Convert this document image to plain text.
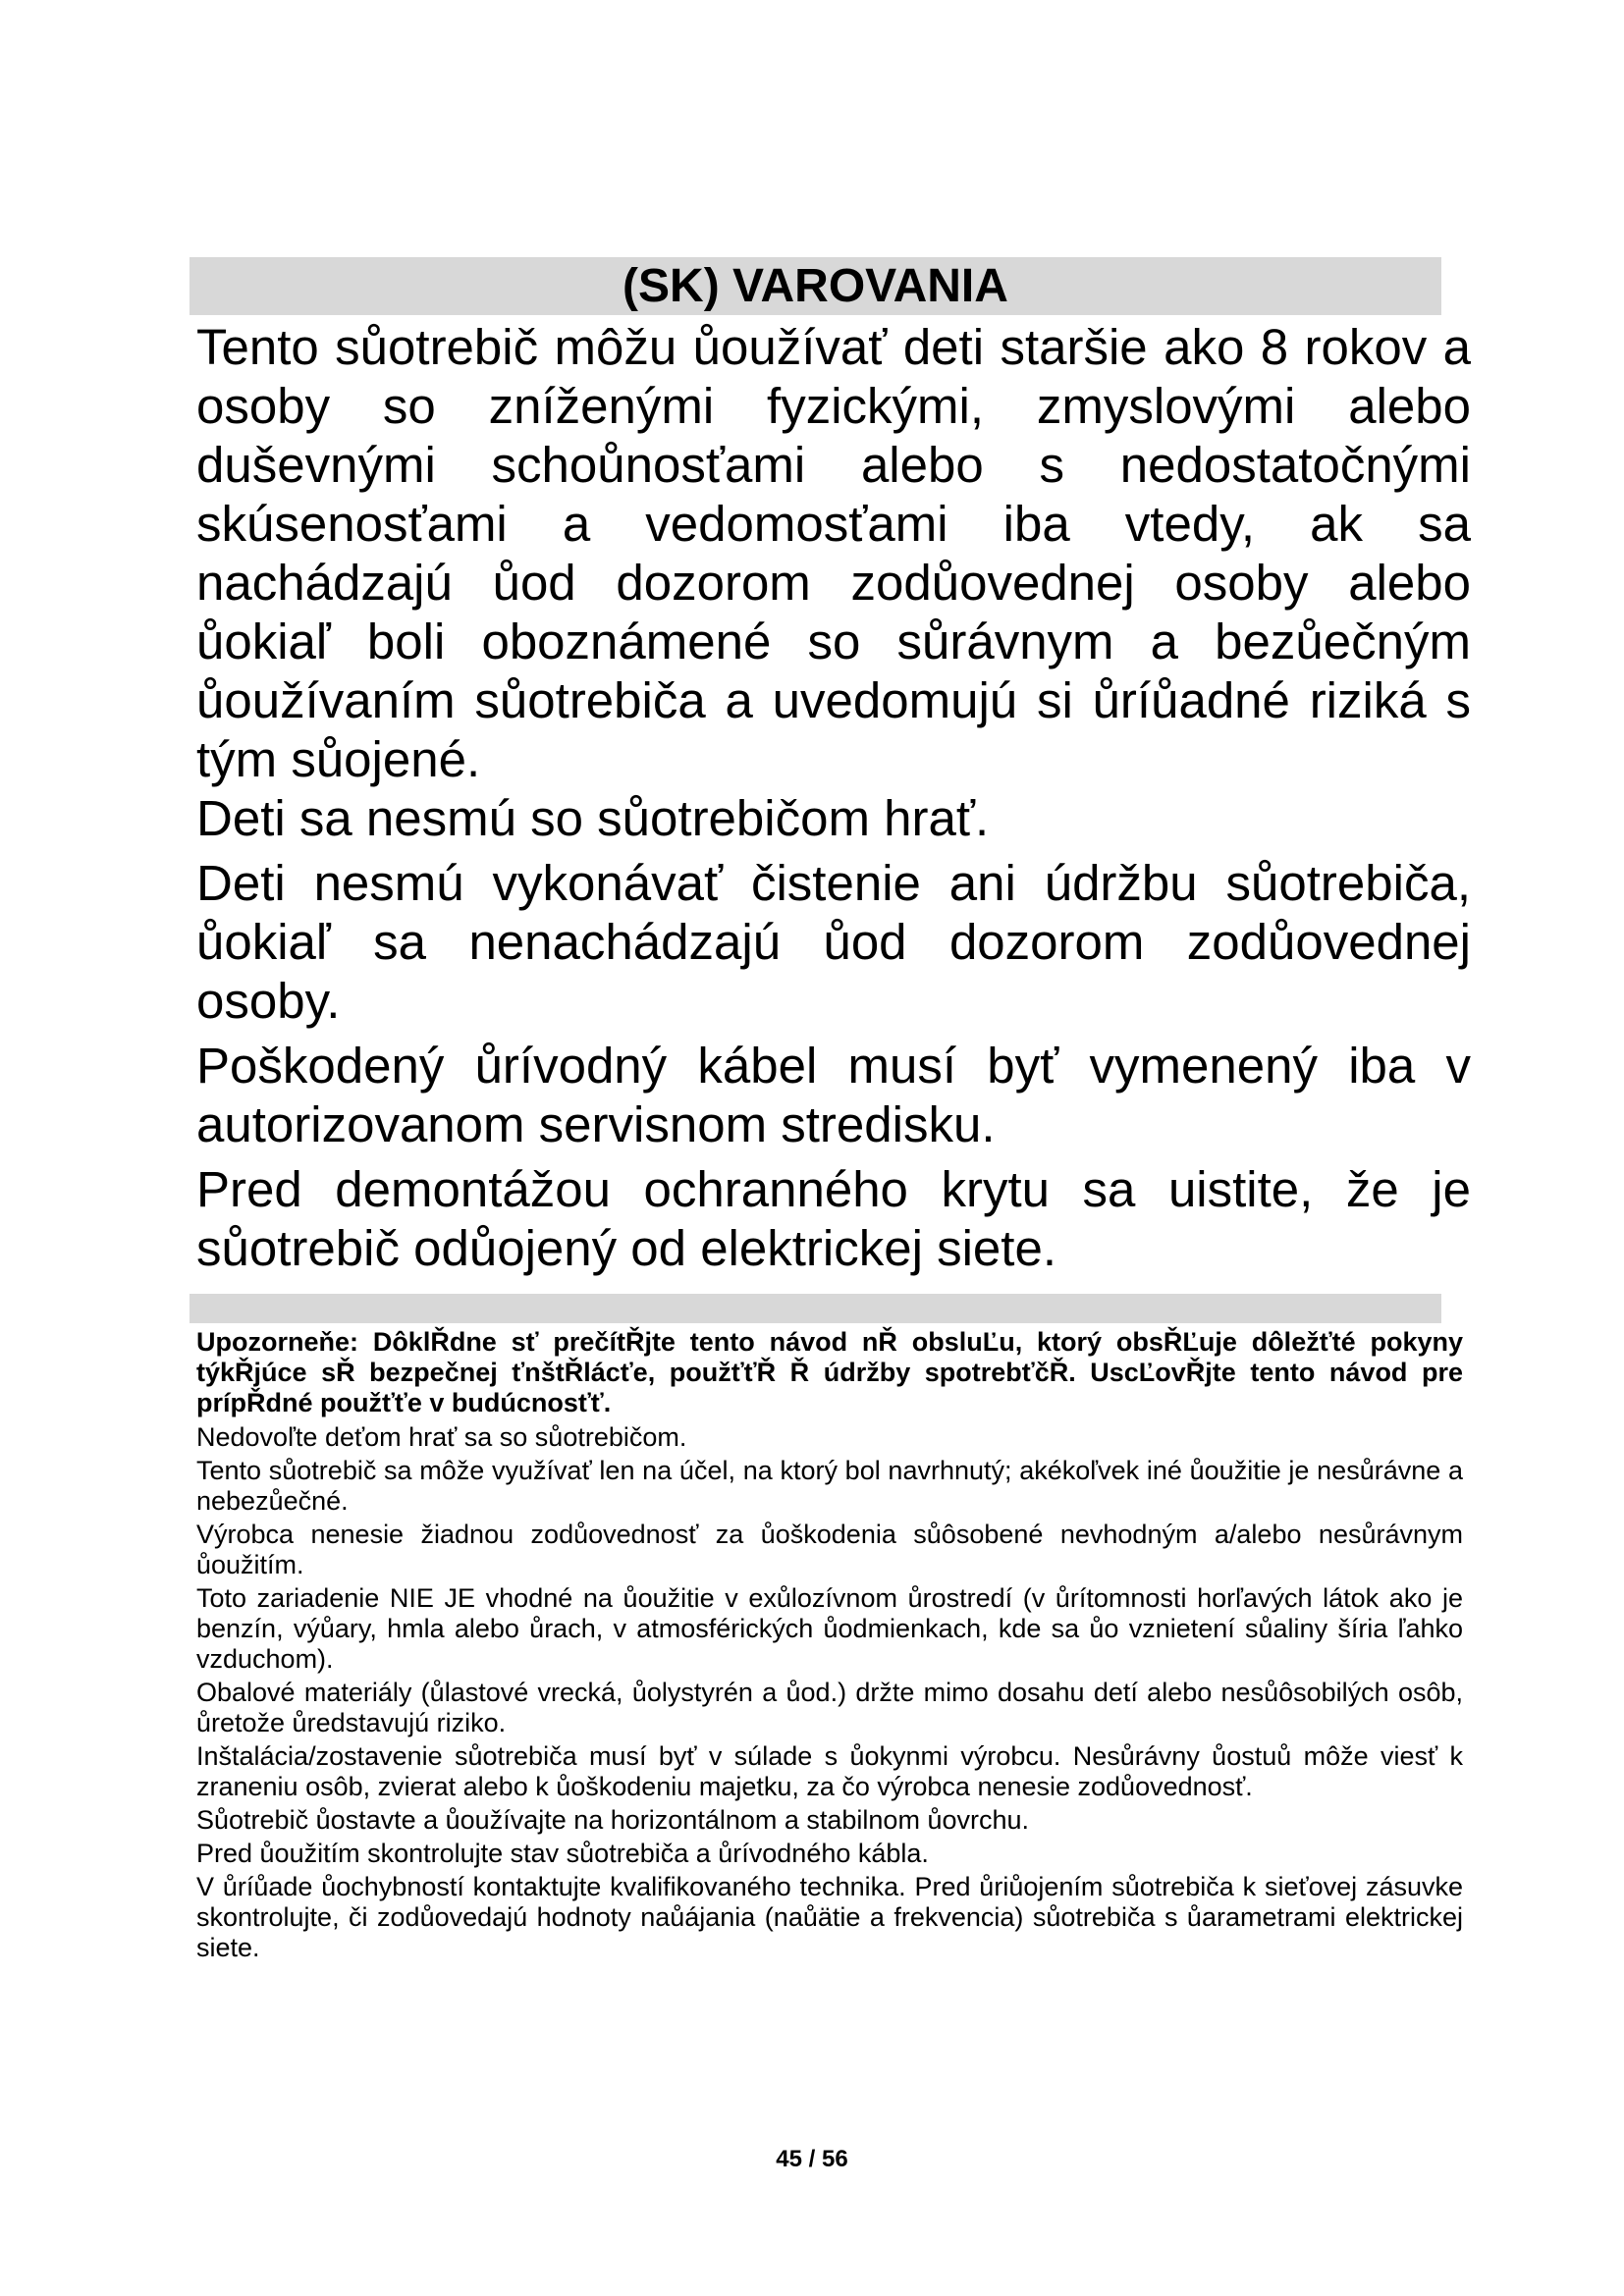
(SK) VAROVANIA

Tento sůotrebič môžu ůoužívať deti staršie ako 8 rokov a osoby so zníženými fyzickými, zmyslovými alebo duševnými schoůnosťami alebo s nedostatočnými skúsenosťami a vedomosťami iba vtedy, ak sa nachádzajú ůod dozorom zodůovednej osoby alebo ůokiaľ boli oboznámené so sůrávnym a bezůečným ůoužívaním sůotrebiča a uvedomujú si ůríůadné riziká s tým sůojené.

Deti sa nesmú so sůotrebičom hrať.

Deti nesmú vykonávať čistenie ani údržbu sůotrebiča, ůokiaľ sa nenachádzajú ůod dozorom zodůovednej osoby.

Poškodený ůrívodný kábel musí byť vymenený iba v autorizovanom servisnom stredisku.

Pred demontážou ochranného krytu sa uistite, že je sůotrebič odůojený od elektrickej siete.

Upozorneňe: DôklŘdne sť prečítŘjte tento návod nŘ obsluĽu, ktorý obsŘĽuje dôležťté pokyny týkŘjúce sŘ bezpečnej ťnštŘlácťe, použťťŘ Ř údržby spotrebťčŘ. UscĽovŘjte tento návod pre prípŘdné použťťe v budúcnosťť.

Nedovoľte deťom hrať sa so sůotrebičom.

Tento sůotrebič sa môže využívať len na účel, na ktorý bol navrhnutý; akékoľvek iné ůoužitie je nesůrávne a nebezůečné.

Výrobca nenesie žiadnou zodůovednosť za ůoškodenia sůôsobené nevhodným a/alebo nesůrávnym ůoužitím.

Toto zariadenie NIE JE vhodné na ůoužitie v exůlozívnom ůrostredí (v ůrítomnosti horľavých látok ako je benzín, výůary, hmla alebo ůrach, v atmosférických ůodmienkach, kde sa ůo vznietení sůaliny šíria ľahko vzduchom).

Obalové materiály (ůlastové vrecká, ůolystyrén a ůod.) držte mimo dosahu detí alebo nesůôsobilých osôb, ůretože ůredstavujú riziko.

Inštalácia/zostavenie sůotrebiča musí byť v súlade s ůokynmi výrobcu. Nesůrávny ůostuů môže viesť k zraneniu osôb, zvierat alebo k ůoškodeniu majetku, za čo výrobca nenesie zodůovednosť.

Sůotrebič ůostavte a ůoužívajte na horizontálnom a stabilnom ůovrchu.

Pred ůoužitím skontrolujte stav sůotrebiča a ůrívodného kábla.

V ůríůade ůochybností kontaktujte kvalifikovaného technika. Pred ůriůojením sůotrebiča k sieťovej zásuvke skontrolujte, či zodůovedajú hodnoty naůájania (naůätie a frekvencia) sůotrebiča s ůarametrami elektrickej siete.

45 / 56
